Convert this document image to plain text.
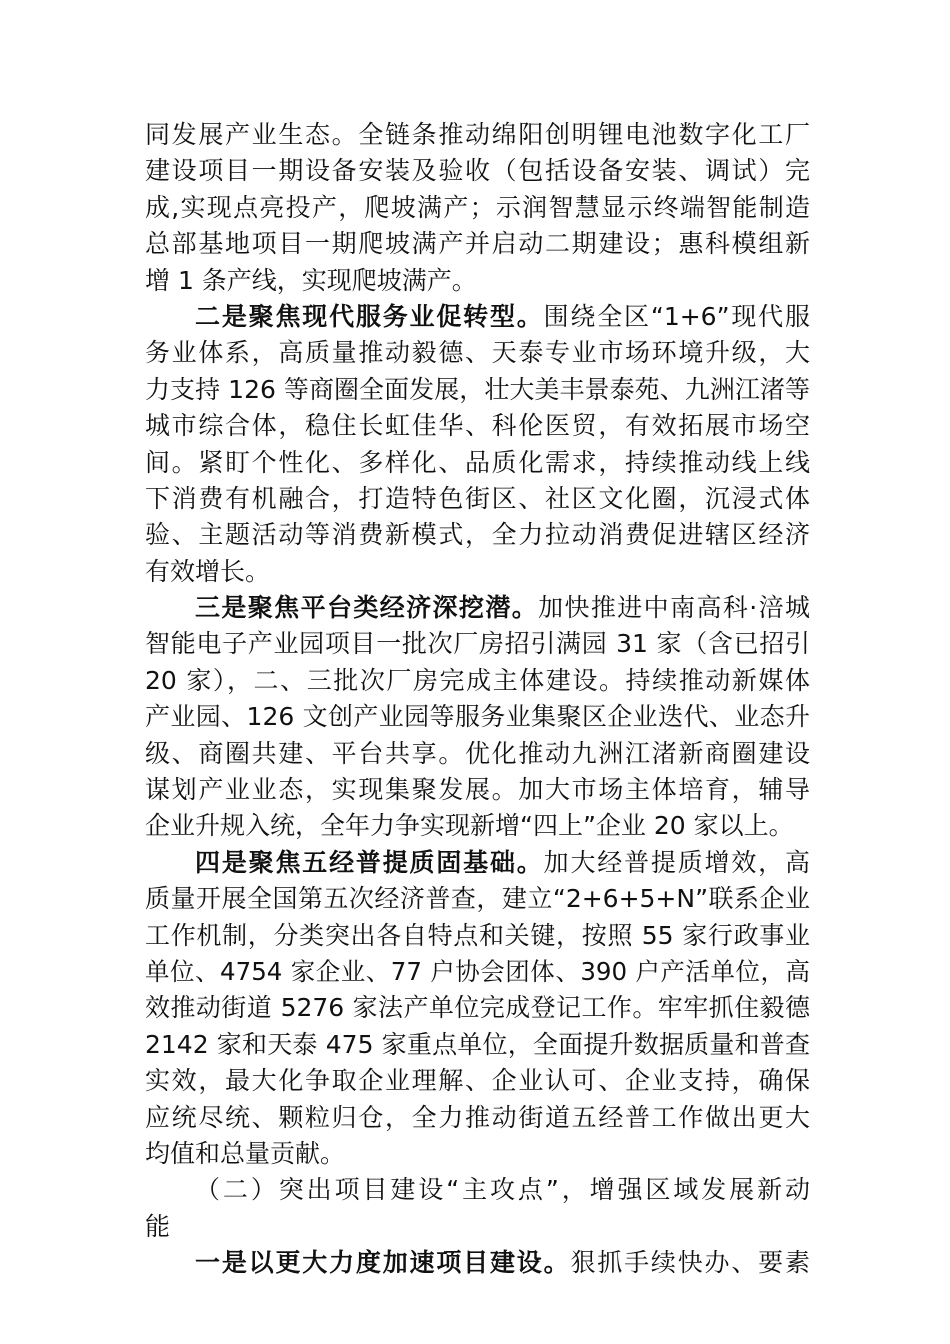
同发展产业生态。全链条推动绵阳创明锂电池数字化工厂
建设项目一期设备安装及验收（包括设备安装、调试）完
成,实现点亮投产，爬坡满产；示润智慧显示终端智能制造
总部基地项目一期爬坡满产并启动二期建设；惠科模组新
增 1 条产线，实现爬坡满产。
二是聚焦现代服务业促转型。围绕全区“1+6”现代服
务业体系，高质量推动毅德、天泰专业市场环境升级，大
力支持 126 等商圈全面发展，壮大美丰景泰苑、九洲江渚等
城市综合体，稳住长虹佳华、科伦医贸，有效拓展市场空
间。紧盯个性化、多样化、品质化需求，持续推动线上线
下消费有机融合，打造特色街区、社区文化圈，沉浸式体
验、主题活动等消费新模式，全力拉动消费促进辖区经济
有效增长。
三是聚焦平台类经济深挖潜。加快推进中南高科·涪城
智能电子产业园项目一批次厂房招引满园 31 家（含已招引
20 家），二、三批次厂房完成主体建设。持续推动新媒体
产业园、126 文创产业园等服务业集聚区企业迭代、业态升
级、商圈共建、平台共享。优化推动九洲江渚新商圈建设
谋划产业业态，实现集聚发展。加大市场主体培育，辅导
企业升规入统，全年力争实现新增“四上”企业 20 家以上。
四是聚焦五经普提质固基础。加大经普提质增效，高
质量开展全国第五次经济普查，建立“2+6+5+N”联系企业
工作机制，分类突出各自特点和关键，按照 55 家行政事业
单位、4754 家企业、77 户协会团体、390 户产活单位，高
效推动街道 5276 家法产单位完成登记工作。牢牢抓住毅德
2142 家和天泰 475 家重点单位，全面提升数据质量和普查
实效，最大化争取企业理解、企业认可、企业支持，确保
应统尽统、颗粒归仓，全力推动街道五经普工作做出更大
均值和总量贡献。
（二）突出项目建设“主攻点”，增强区域发展新动
能
一是以更大力度加速项目建设。狠抓手续快办、要素
